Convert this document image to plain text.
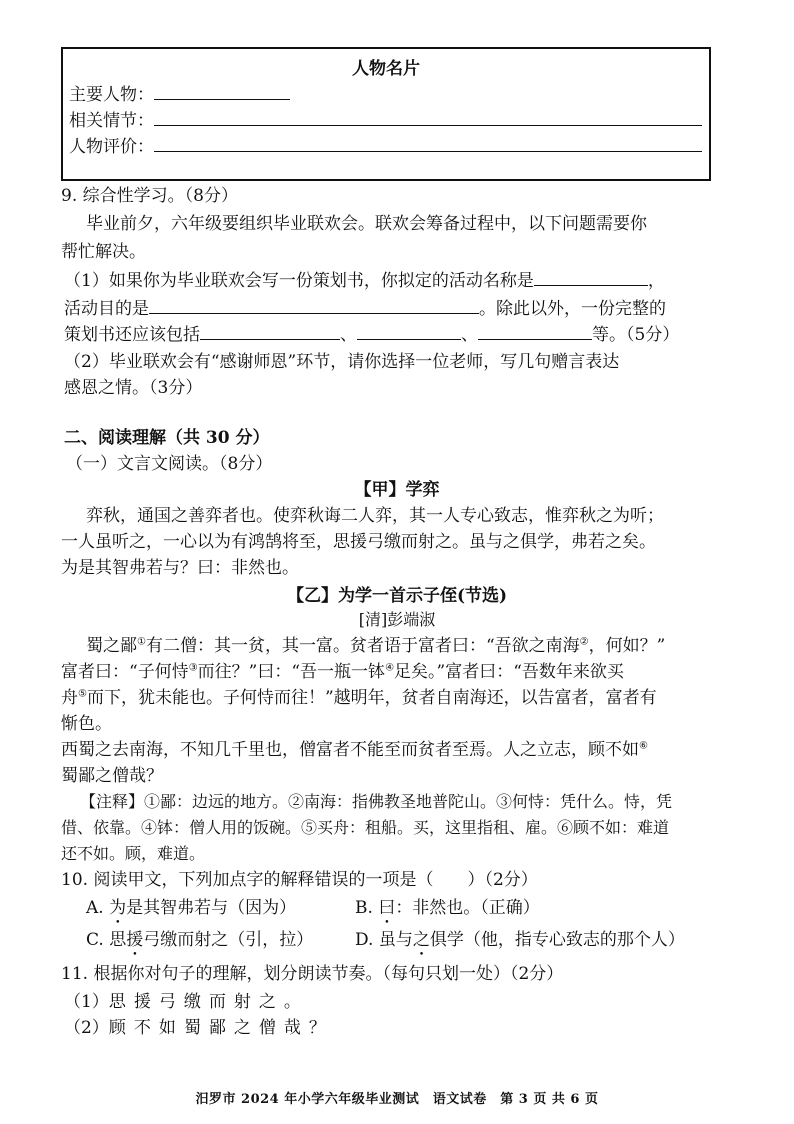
人物名片
主要人物：
相关情节：
人物评价：
9. 综合性学习。（8分）
毕业前夕，六年级要组织毕业联欢会。联欢会筹备过程中，以下问题需要你
帮忙解决。
（1）如果你为毕业联欢会写一份策划书，你拟定的活动名称是	，
活动目的是	。除此以外，一份完整的
策划书还应该包括	、	、	等。（5分）
（2）毕业联欢会有“感谢师恩”环节，请你选择一位老师，写几句赠言表达
感恩之情。（3分）
二、阅读理解（共 30 分）
（一）文言文阅读。（8分）
【甲】学弈
弈秋，通国之善弈者也。使弈秋诲二人弈，其一人专心致志，惟弈秋之为听；
一人虽听之，一心以为有鸿鹄将至，思援弓缴而射之。虽与之俱学，弗若之矣。
为是其智弗若与？曰：非然也。
【乙】为学一首示子侄(节选)
[清]彭端淑
蜀之鄙①有二僧：其一贫，其一富。贫者语于富者曰：“吾欲之南海②，何如？”
富者曰：“子何恃③而往？”曰：“吾一瓶一钵④足矣。”富者曰：“吾数年来欲买
舟⑤而下，犹未能也。子何恃而往！”越明年，贫者自南海还，以告富者，富者有
惭色。
西蜀之去南海，不知几千里也，僧富者不能至而贫者至焉。人之立志，顾不如⑥
蜀鄙之僧哉？
【注释】①鄙：边远的地方。②南海：指佛教圣地普陀山。③何恃：凭什么。恃，凭
借、依靠。④钵：僧人用的饭碗。⑤买舟：租船。买，这里指租、雇。⑥顾不如：难道
还不如。顾，难道。
10. 阅读甲文，下列加点字的解释错误的一项是（　　）（2分）
A. 为是其智弗若与（因为）	B. 曰：非然也。（正确）
C. 思援弓缴而射之（引，拉） D. 虽与之俱学（他，指专心致志的那个人）
11. 根据你对句子的理解，划分朗读节奏。（每句只划一处）（2分）
（1）思援弓缴而射之。
（2）顾不如蜀鄙之僧哉？
汨罗市 2024 年小学六年级毕业测试　语文试卷　第 3 页 共 6 页
